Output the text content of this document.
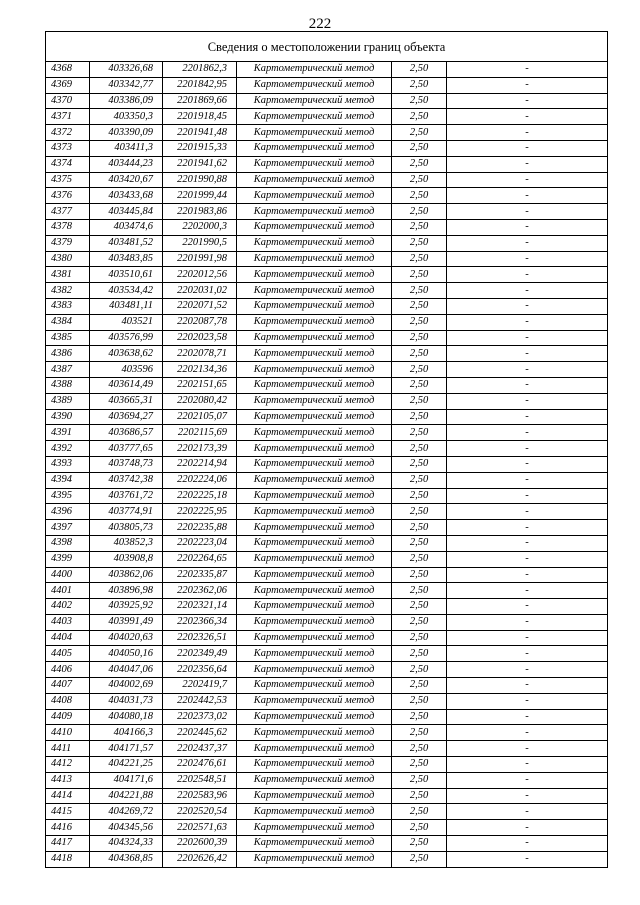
222
Сведения о местоположении границ объекта					
4368	403326,68	2201862,3	Картометрический метод	2,50	-
4369	403342,77	2201842,95	Картометрический метод	2,50	-
4370	403386,09	2201869,66	Картометрический метод	2,50	-
4371	403350,3	2201918,45	Картометрический метод	2,50	-
4372	403390,09	2201941,48	Картометрический метод	2,50	-
4373	403411,3	2201915,33	Картометрический метод	2,50	-
4374	403444,23	2201941,62	Картометрический метод	2,50	-
4375	403420,67	2201990,88	Картометрический метод	2,50	-
4376	403433,68	2201999,44	Картометрический метод	2,50	-
4377	403445,84	2201983,86	Картометрический метод	2,50	-
4378	403474,6	2202000,3	Картометрический метод	2,50	-
4379	403481,52	2201990,5	Картометрический метод	2,50	-
4380	403483,85	2201991,98	Картометрический метод	2,50	-
4381	403510,61	2202012,56	Картометрический метод	2,50	-
4382	403534,42	2202031,02	Картометрический метод	2,50	-
4383	403481,11	2202071,52	Картометрический метод	2,50	-
4384	403521	2202087,78	Картометрический метод	2,50	-
4385	403576,99	2202023,58	Картометрический метод	2,50	-
4386	403638,62	2202078,71	Картометрический метод	2,50	-
4387	403596	2202134,36	Картометрический метод	2,50	-
4388	403614,49	2202151,65	Картометрический метод	2,50	-
4389	403665,31	2202080,42	Картометрический метод	2,50	-
4390	403694,27	2202105,07	Картометрический метод	2,50	-
4391	403686,57	2202115,69	Картометрический метод	2,50	-
4392	403777,65	2202173,39	Картометрический метод	2,50	-
4393	403748,73	2202214,94	Картометрический метод	2,50	-
4394	403742,38	2202224,06	Картометрический метод	2,50	-
4395	403761,72	2202225,18	Картометрический метод	2,50	-
4396	403774,91	2202225,95	Картометрический метод	2,50	-
4397	403805,73	2202235,88	Картометрический метод	2,50	-
4398	403852,3	2202223,04	Картометрический метод	2,50	-
4399	403908,8	2202264,65	Картометрический метод	2,50	-
4400	403862,06	2202335,87	Картометрический метод	2,50	-
4401	403896,98	2202362,06	Картометрический метод	2,50	-
4402	403925,92	2202321,14	Картометрический метод	2,50	-
4403	403991,49	2202366,34	Картометрический метод	2,50	-
4404	404020,63	2202326,51	Картометрический метод	2,50	-
4405	404050,16	2202349,49	Картометрический метод	2,50	-
4406	404047,06	2202356,64	Картометрический метод	2,50	-
4407	404002,69	2202419,7	Картометрический метод	2,50	-
4408	404031,73	2202442,53	Картометрический метод	2,50	-
4409	404080,18	2202373,02	Картометрический метод	2,50	-
4410	404166,3	2202445,62	Картометрический метод	2,50	-
4411	404171,57	2202437,37	Картометрический метод	2,50	-
4412	404221,25	2202476,61	Картометрический метод	2,50	-
4413	404171,6	2202548,51	Картометрический метод	2,50	-
4414	404221,88	2202583,96	Картометрический метод	2,50	-
4415	404269,72	2202520,54	Картометрический метод	2,50	-
4416	404345,56	2202571,63	Картометрический метод	2,50	-
4417	404324,33	2202600,39	Картометрический метод	2,50	-
4418	404368,85	2202626,42	Картометрический метод	2,50	-
